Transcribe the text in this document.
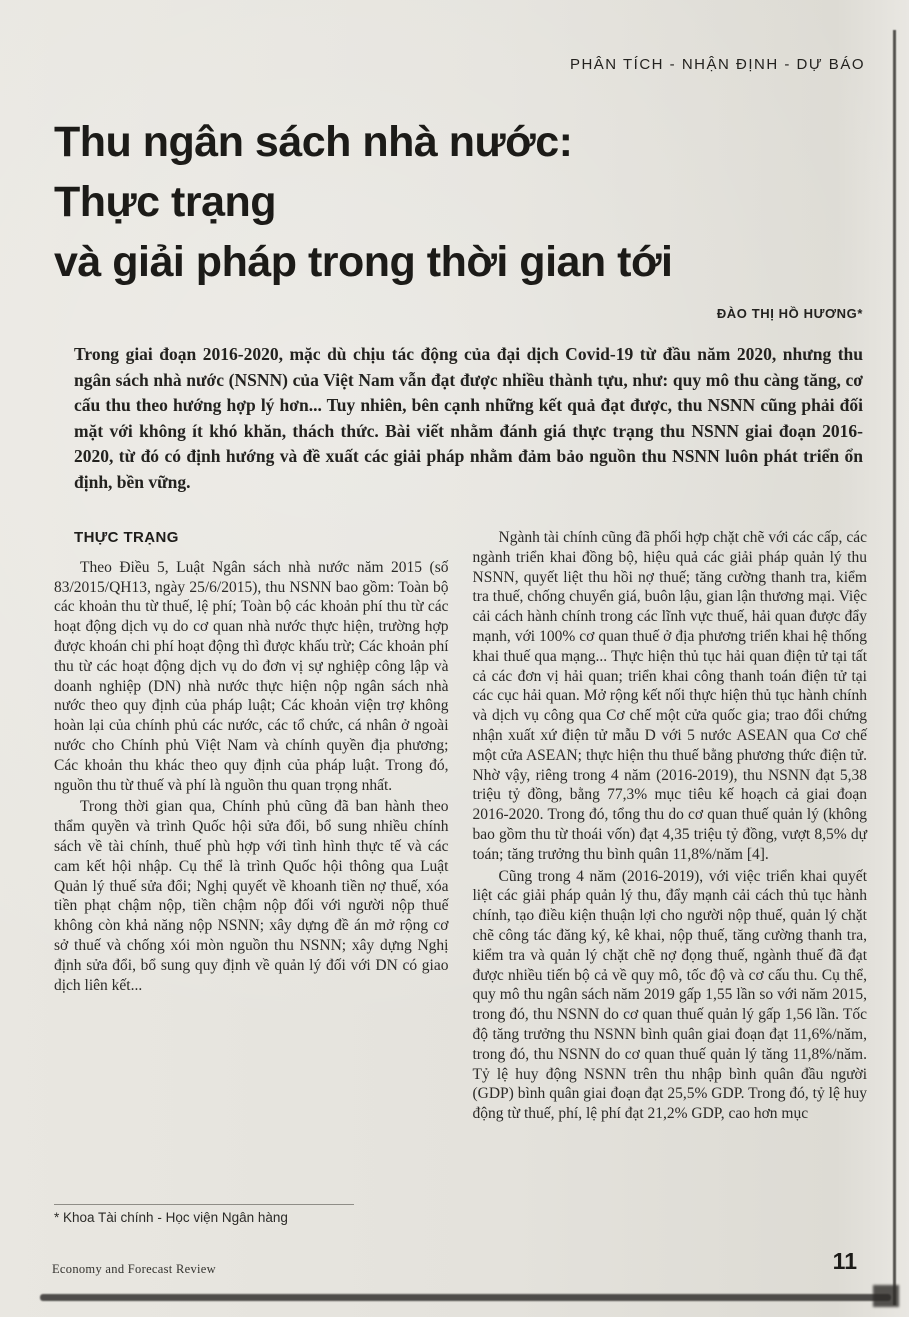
PHÂN TÍCH - NHẬN ĐỊNH - DỰ BÁO
Thu ngân sách nhà nước:
Thực trạng
và giải pháp trong thời gian tới
ĐÀO THỊ HỒ HƯƠNG*
Trong giai đoạn 2016-2020, mặc dù chịu tác động của đại dịch Covid-19 từ đầu năm 2020, nhưng thu ngân sách nhà nước (NSNN) của Việt Nam vẫn đạt được nhiều thành tựu, như: quy mô thu càng tăng, cơ cấu thu theo hướng hợp lý hơn... Tuy nhiên, bên cạnh những kết quả đạt được, thu NSNN cũng phải đối mặt với không ít khó khăn, thách thức. Bài viết nhằm đánh giá thực trạng thu NSNN giai đoạn 2016-2020, từ đó có định hướng và đề xuất các giải pháp nhằm đảm bảo nguồn thu NSNN luôn phát triển ổn định, bền vững.
THỰC TRẠNG

Theo Điều 5, Luật Ngân sách nhà nước năm 2015 (số 83/2015/QH13, ngày 25/6/2015), thu NSNN bao gồm: Toàn bộ các khoản thu từ thuế, lệ phí; Toàn bộ các khoản phí thu từ các hoạt động dịch vụ do cơ quan nhà nước thực hiện, trường hợp được khoán chi phí hoạt động thì được khấu trừ; Các khoản phí thu từ các hoạt động dịch vụ do đơn vị sự nghiệp công lập và doanh nghiệp (DN) nhà nước thực hiện nộp ngân sách nhà nước theo quy định của pháp luật; Các khoản viện trợ không hoàn lại của chính phủ các nước, các tổ chức, cá nhân ở ngoài nước cho Chính phủ Việt Nam và chính quyền địa phương; Các khoản thu khác theo quy định của pháp luật. Trong đó, nguồn thu từ thuế và phí là nguồn thu quan trọng nhất.

Trong thời gian qua, Chính phủ cũng đã ban hành theo thẩm quyền và trình Quốc hội sửa đổi, bổ sung nhiều chính sách về tài chính, thuế phù hợp với tình hình thực tế và các cam kết hội nhập. Cụ thể là trình Quốc hội thông qua Luật Quản lý thuế sửa đổi; Nghị quyết về khoanh tiền nợ thuế, xóa tiền phạt chậm nộp, tiền chậm nộp đối với người nộp thuế không còn khả năng nộp NSNN; xây dựng đề án mở rộng cơ sở thuế và chống xói mòn nguồn thu NSNN; xây dựng Nghị định sửa đổi, bổ sung quy định về quản lý đối với DN có giao dịch liên kết...

Ngành tài chính cũng đã phối hợp chặt chẽ với các cấp, các ngành triển khai đồng bộ, hiệu quả các giải pháp quản lý thu NSNN, quyết liệt thu hồi nợ thuế; tăng cường thanh tra, kiểm tra thuế, chống chuyển giá, buôn lậu, gian lận thương mại. Việc cải cách hành chính trong các lĩnh vực thuế, hải quan được đẩy mạnh, với 100% cơ quan thuế ở địa phương triển khai hệ thống khai thuế qua mạng... Thực hiện thủ tục hải quan điện tử tại tất cả các đơn vị hải quan; triển khai công thanh toán điện tử tại các cục hải quan. Mở rộng kết nối thực hiện thủ tục hành chính và dịch vụ công qua Cơ chế một cửa quốc gia; trao đổi chứng nhận xuất xứ điện tử mẫu D với 5 nước ASEAN qua Cơ chế một cửa ASEAN; thực hiện thu thuế bằng phương thức điện tử. Nhờ vậy, riêng trong 4 năm (2016-2019), thu NSNN đạt 5,38 triệu tỷ đồng, bằng 77,3% mục tiêu kế hoạch cả giai đoạn 2016-2020. Trong đó, tổng thu do cơ quan thuế quản lý (không bao gồm thu từ thoái vốn) đạt 4,35 triệu tỷ đồng, vượt 8,5% dự toán; tăng trưởng thu bình quân 11,8%/năm [4].

Cũng trong 4 năm (2016-2019), với việc triển khai quyết liệt các giải pháp quản lý thu, đẩy mạnh cải cách thủ tục hành chính, tạo điều kiện thuận lợi cho người nộp thuế, quản lý chặt chẽ công tác đăng ký, kê khai, nộp thuế, tăng cường thanh tra, kiểm tra và quản lý chặt chẽ nợ đọng thuế, ngành thuế đã đạt được nhiều tiến bộ cả về quy mô, tốc độ và cơ cấu thu. Cụ thể, quy mô thu ngân sách năm 2019 gấp 1,55 lần so với năm 2015, trong đó, thu NSNN do cơ quan thuế quản lý gấp 1,56 lần. Tốc độ tăng trưởng thu NSNN bình quân giai đoạn đạt 11,6%/năm, trong đó, thu NSNN do cơ quan thuế quản lý tăng 11,8%/năm. Tỷ lệ huy động NSNN trên thu nhập bình quân đầu người (GDP) bình quân giai đoạn đạt 25,5% GDP. Trong đó, tỷ lệ huy động từ thuế, phí, lệ phí đạt 21,2% GDP, cao hơn mục

* Khoa Tài chính - Học viện Ngân hàng
Economy and Forecast Review	11
